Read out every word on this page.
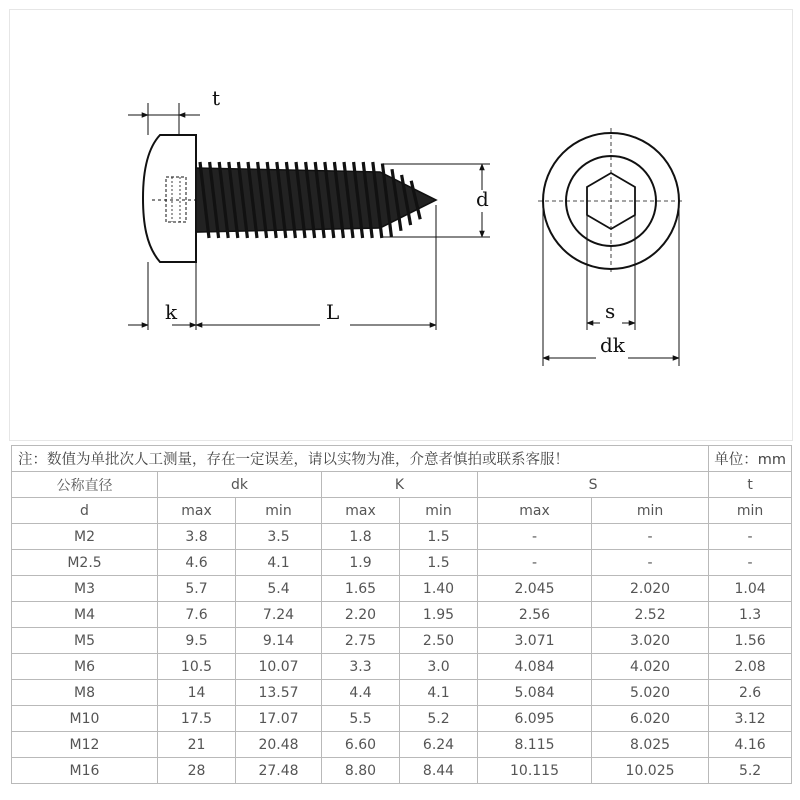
t
d
k	L	s
dk
注：数值为单批次人工测量，存在一定误差，请以实物为准，介意者慎拍或联系客服！							单位：mm
公称直径	dk		K		S		t
d	max	min	max	min	max	min	min
M2	3.8	3.5	1.8	1.5	-	-	-
M2.5	4.6	4.1	1.9	1.5	-	-	-
M3	5.7	5.4	1.65	1.40	2.045	2.020	1.04
M4	7.6	7.24	2.20	1.95	2.56	2.52	1.3
M5	9.5	9.14	2.75	2.50	3.071	3.020	1.56
M6	10.5	10.07	3.3	3.0	4.084	4.020	2.08
M8	14	13.57	4.4	4.1	5.084	5.020	2.6
M10	17.5	17.07	5.5	5.2	6.095	6.020	3.12
M12	21	20.48	6.60	6.24	8.115	8.025	4.16
M16	28	27.48	8.80	8.44	10.115	10.025	5.2
